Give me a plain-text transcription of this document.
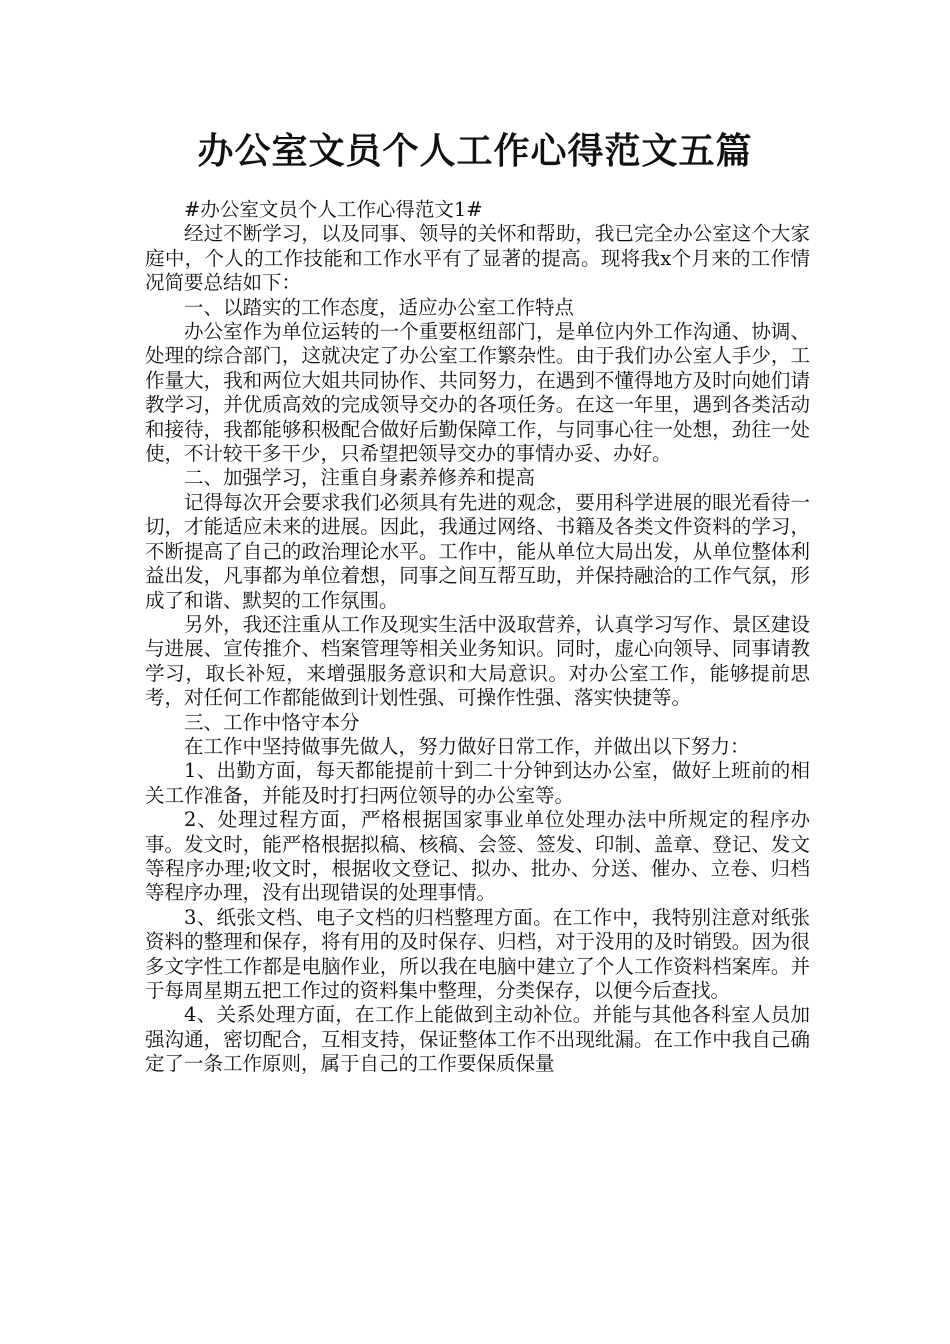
办公室文员个人工作心得范文五篇

#办公室文员个人工作心得范文1#

经过不断学习，以及同事、领导的关怀和帮助，我已完全办公室这个大家庭中，个人的工作技能和工作水平有了显著的提高。现将我x个月来的工作情况简要总结如下：

一、以踏实的工作态度，适应办公室工作特点

办公室作为单位运转的一个重要枢纽部门，是单位内外工作沟通、协调、处理的综合部门，这就决定了办公室工作繁杂性。由于我们办公室人手少，工作量大，我和两位大姐共同协作、共同努力，在遇到不懂得地方及时向她们请教学习，并优质高效的完成领导交办的各项任务。在这一年里，遇到各类活动和接待，我都能够积极配合做好后勤保障工作，与同事心往一处想，劲往一处使，不计较干多干少，只希望把领导交办的事情办妥、办好。

二、加强学习，注重自身素养修养和提高

记得每次开会要求我们必须具有先进的观念，要用科学进展的眼光看待一切，才能适应未来的进展。因此，我通过网络、书籍及各类文件资料的学习，不断提高了自己的政治理论水平。工作中，能从单位大局出发，从单位整体利益出发，凡事都为单位着想，同事之间互帮互助，并保持融洽的工作气氛，形成了和谐、默契的工作氛围。

另外，我还注重从工作及现实生活中汲取营养，认真学习写作、景区建设与进展、宣传推介、档案管理等相关业务知识。同时，虚心向领导、同事请教学习，取长补短，来增强服务意识和大局意识。对办公室工作，能够提前思考，对任何工作都能做到计划性强、可操作性强、落实快捷等。

三、工作中恪守本分

在工作中坚持做事先做人，努力做好日常工作，并做出以下努力：

1、出勤方面，每天都能提前十到二十分钟到达办公室，做好上班前的相关工作准备，并能及时打扫两位领导的办公室等。

2、处理过程方面，严格根据国家事业单位处理办法中所规定的程序办事。发文时，能严格根据拟稿、核稿、会签、签发、印制、盖章、登记、发文等程序办理;收文时，根据收文登记、拟办、批办、分送、催办、立卷、归档等程序办理，没有出现错误的处理事情。

3、纸张文档、电子文档的归档整理方面。在工作中，我特别注意对纸张资料的整理和保存，将有用的及时保存、归档，对于没用的及时销毁。因为很多文字性工作都是电脑作业，所以我在电脑中建立了个人工作资料档案库。并于每周星期五把工作过的资料集中整理，分类保存，以便今后查找。

4、关系处理方面，在工作上能做到主动补位。并能与其他各科室人员加强沟通，密切配合，互相支持，保证整体工作不出现纰漏。在工作中我自己确定了一条工作原则，属于自己的工作要保质保量
